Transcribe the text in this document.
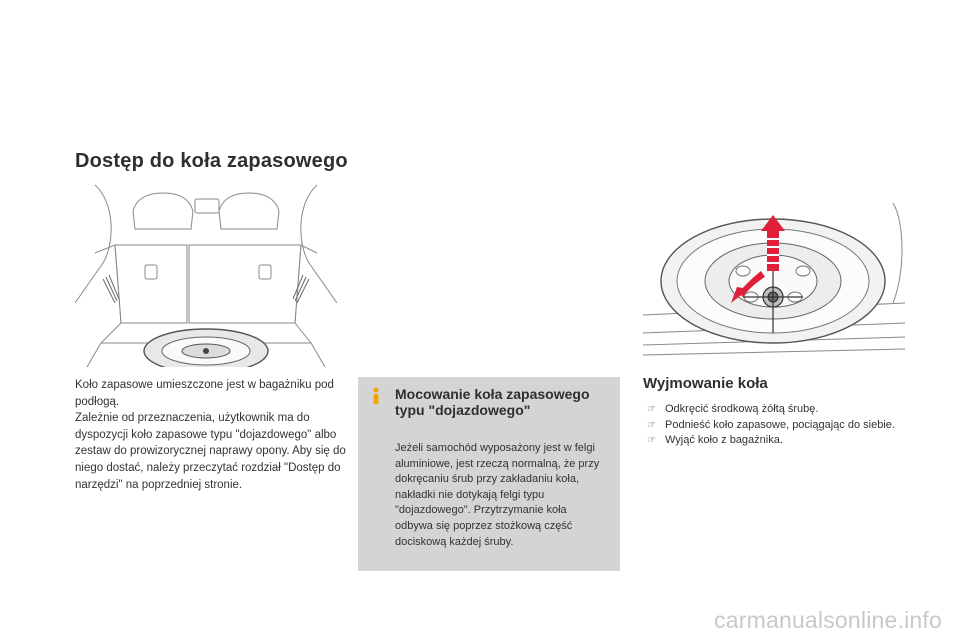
Dostęp do koła zapasowego

Koło zapasowe umieszczone jest w bagażniku pod podłogą.

Zależnie od przeznaczenia, użytkownik ma do dyspozycji koło zapasowe typu "dojazdowego" albo zestaw do prowizorycznej naprawy opony. Aby się do niego dostać, należy przeczytać rozdział "Dostęp do narzędzi" na poprzedniej stronie.

Mocowanie koła zapasowego typu "dojazdowego"

Jeżeli samochód wyposażony jest w felgi aluminiowe, jest rzeczą normalną, że przy dokręcaniu śrub przy zakładaniu koła, nakładki nie dotykają felgi typu "dojazdowego". Przytrzymanie koła odbywa się poprzez stożkową część dociskową każdej śruby.

Wyjmowanie koła
☞ Odkręcić środkową żółtą śrubę.
☞ Podnieść koło zapasowe, pociągając do siebie.
☞ Wyjąć koło z bagażnika.
carmanualsonline.info
